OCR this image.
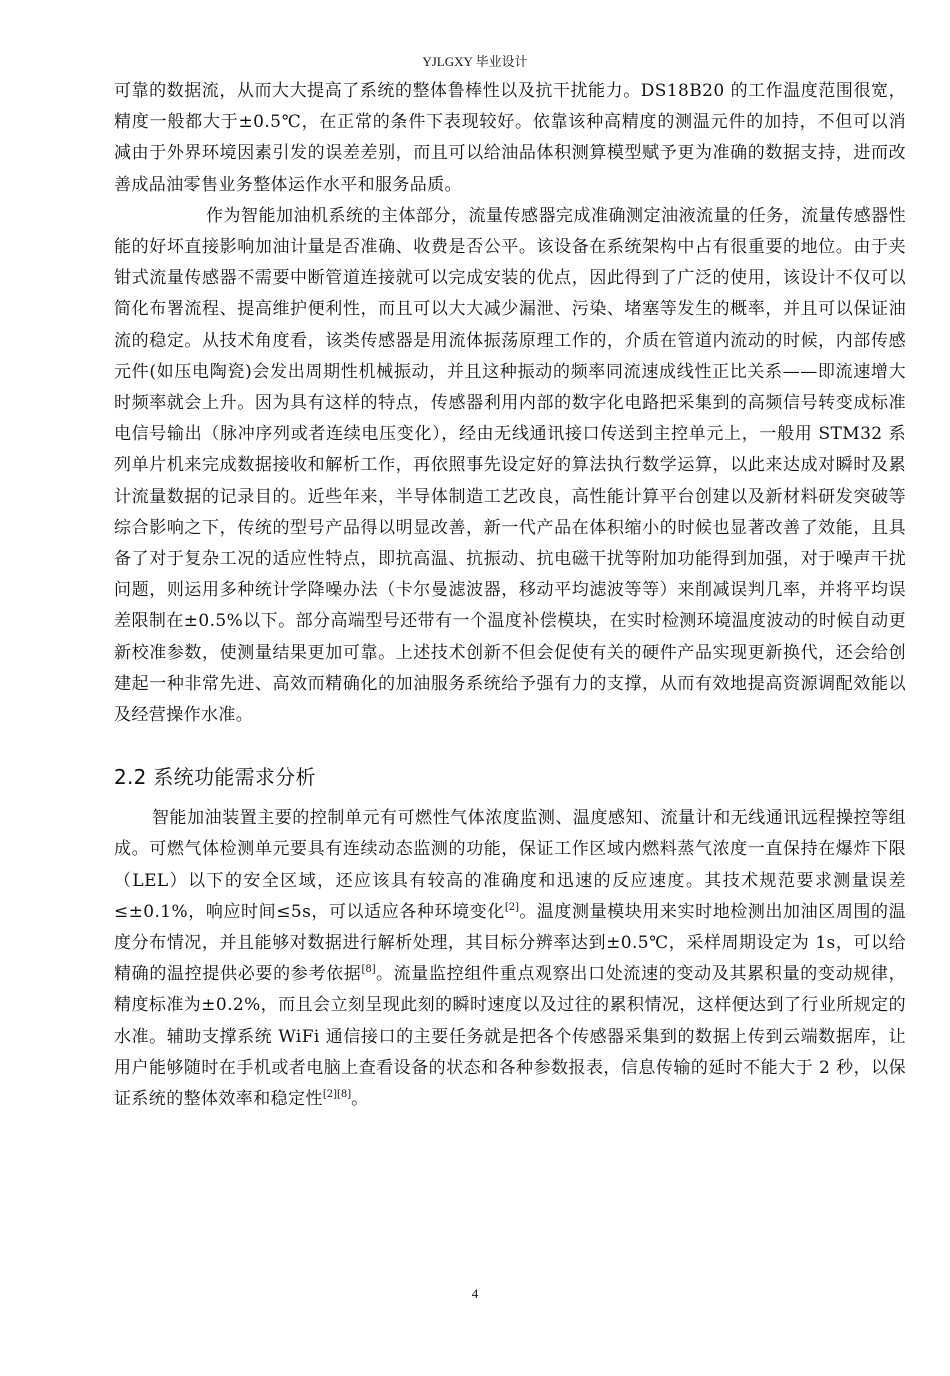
YJLGXY 毕业设计

可靠的数据流，从而大大提高了系统的整体鲁棒性以及抗干扰能力。DS18B20 的工作温度范围很宽，精度一般都大于±0.5℃，在正常的条件下表现较好。依靠该种高精度的测温元件的加持，不但可以消减由于外界环境因素引发的误差差别，而且可以给油品体积测算模型赋予更为准确的数据支持，进而改善成品油零售业务整体运作水平和服务品质。

作为智能加油机系统的主体部分，流量传感器完成准确测定油液流量的任务，流量传感器性能的好坏直接影响加油计量是否准确、收费是否公平。该设备在系统架构中占有很重要的地位。由于夹钳式流量传感器不需要中断管道连接就可以完成安装的优点，因此得到了广泛的使用，该设计不仅可以简化布署流程、提高维护便利性，而且可以大大减少漏泄、污染、堵塞等发生的概率，并且可以保证油流的稳定。从技术角度看，该类传感器是用流体振荡原理工作的，介质在管道内流动的时候，内部传感元件(如压电陶瓷)会发出周期性机械振动，并且这种振动的频率同流速成线性正比关系——即流速增大时频率就会上升。因为具有这样的特点，传感器利用内部的数字化电路把采集到的高频信号转变成标准电信号输出（脉冲序列或者连续电压变化），经由无线通讯接口传送到主控单元上，一般用 STM32 系列单片机来完成数据接收和解析工作，再依照事先设定好的算法执行数学运算，以此来达成对瞬时及累计流量数据的记录目的。近些年来，半导体制造工艺改良，高性能计算平台创建以及新材料研发突破等综合影响之下，传统的型号产品得以明显改善，新一代产品在体积缩小的时候也显著改善了效能，且具备了对于复杂工况的适应性特点，即抗高温、抗振动、抗电磁干扰等附加功能得到加强，对于噪声干扰问题，则运用多种统计学降噪办法（卡尔曼滤波器，移动平均滤波等等）来削减误判几率，并将平均误差限制在±0.5%以下。部分高端型号还带有一个温度补偿模块，在实时检测环境温度波动的时候自动更新校准参数，使测量结果更加可靠。上述技术创新不但会促使有关的硬件产品实现更新换代，还会给创建起一种非常先进、高效而精确化的加油服务系统给予强有力的支撑，从而有效地提高资源调配效能以及经营操作水准。

2.2 系统功能需求分析

智能加油装置主要的控制单元有可燃性气体浓度监测、温度感知、流量计和无线通讯远程操控等组成。可燃气体检测单元要具有连续动态监测的功能，保证工作区域内燃料蒸气浓度一直保持在爆炸下限（LEL）以下的安全区域，还应该具有较高的准确度和迅速的反应速度。其技术规范要求测量误差≤±0.1%，响应时间≤5s，可以适应各种环境变化[2]。温度测量模块用来实时地检测出加油区周围的温度分布情况，并且能够对数据进行解析处理，其目标分辨率达到±0.5℃，采样周期设定为 1s，可以给精确的温控提供必要的参考依据[8]。流量监控组件重点观察出口处流速的变动及其累积量的变动规律，精度标准为±0.2%，而且会立刻呈现此刻的瞬时速度以及过往的累积情况，这样便达到了行业所规定的水准。辅助支撑系统 WiFi 通信接口的主要任务就是把各个传感器采集到的数据上传到云端数据库，让用户能够随时在手机或者电脑上查看设备的状态和各种参数报表，信息传输的延时不能大于 2 秒，以保证系统的整体效率和稳定性[2][8]。

4
